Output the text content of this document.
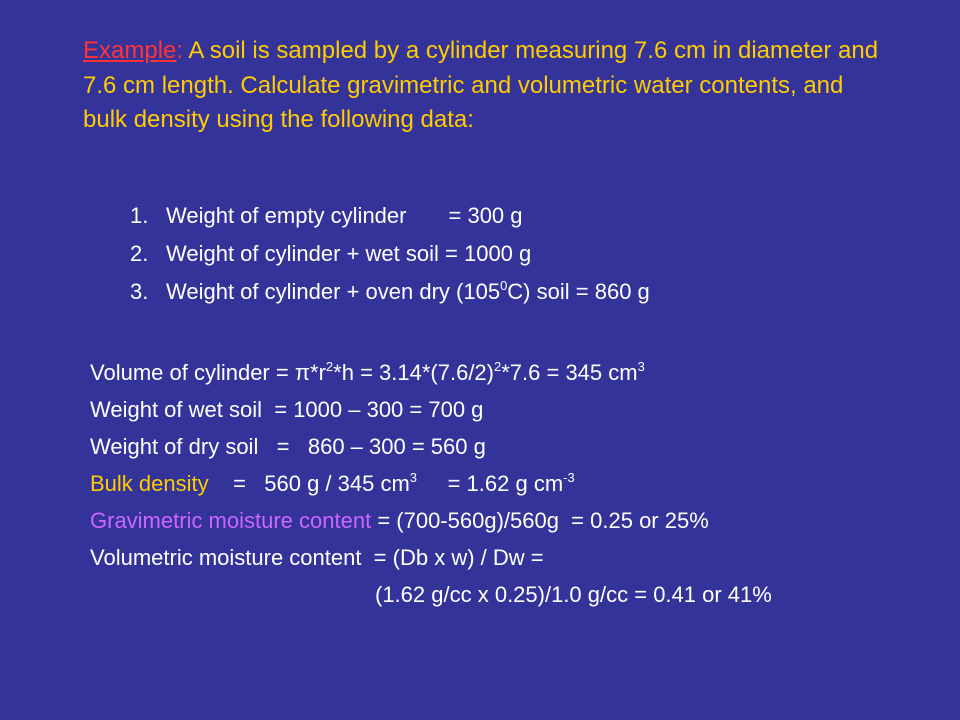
Example: A soil is sampled by a cylinder measuring 7.6 cm in diameter and 7.6 cm length. Calculate gravimetric and volumetric water contents, and bulk density using the following data:
1. Weight of empty cylinder = 300 g
2. Weight of cylinder + wet soil = 1000 g
3. Weight of cylinder + oven dry $(105^0C)$ soil = 860 g
Volume of cylinder = $\pi*r^2*h = 3.14*(7.6/2)^2*7.6 = 345$ $cm^3$
Weight of wet soil  = 1000 – 300 = 700 g
Weight of dry soil   =   860 – 300 = 560 g
Bulk density    =   560 g / 345 $cm^3$     = 1.62 g $cm^{-3}$
Gravimetric moisture content = (700-560g)/560g  = 0.25 or 25%
Volumetric moisture content  = (Db x w) / Dw =
(1.62 g/cc x 0.25)/1.0 g/cc = 0.41 or 41%
